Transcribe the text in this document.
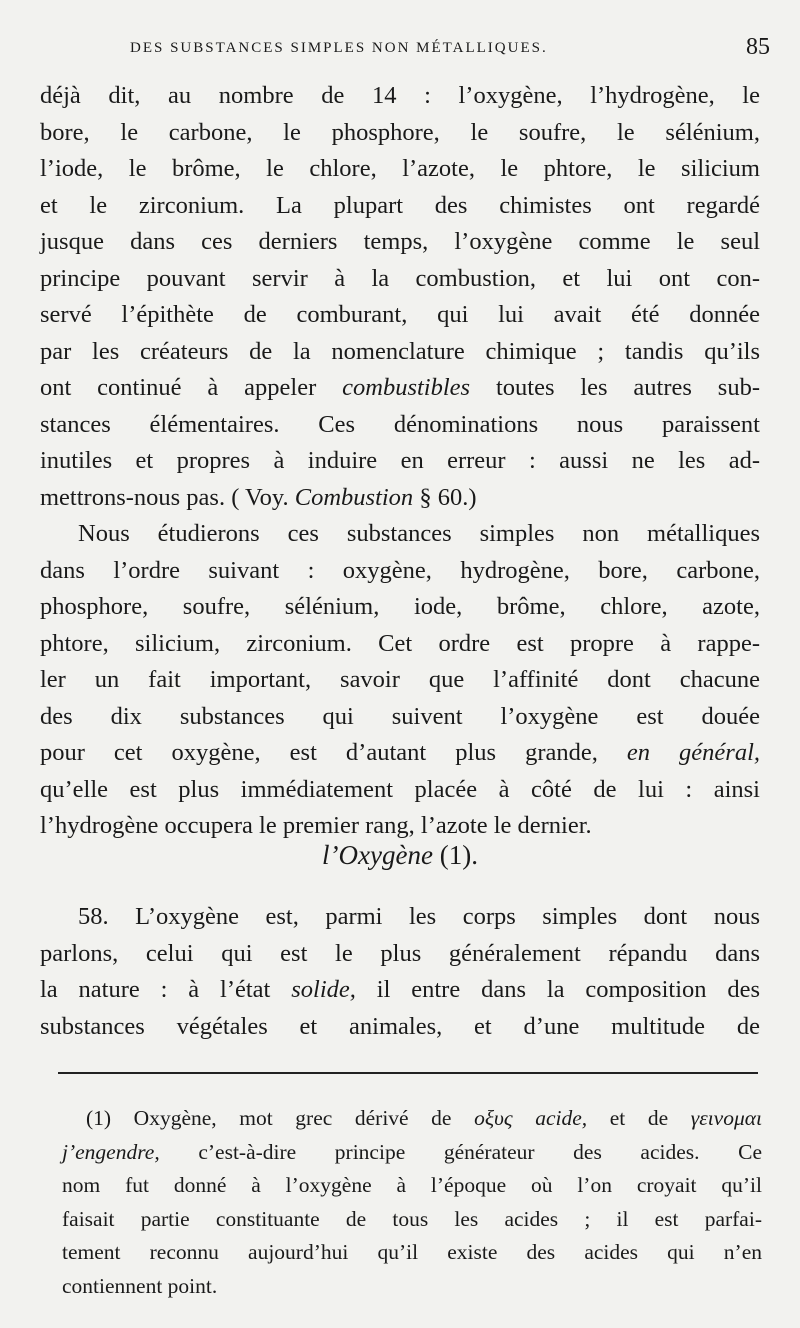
DES SUBSTANCES SIMPLES NON MÉTALLIQUES.	85
déjà dit, au nombre de 14 : l’oxygène, l’hydrogène, le
bore, le carbone, le phosphore, le soufre, le sélénium,
l’iode, le brôme, le chlore, l’azote, le phtore, le silicium
et le zirconium. La plupart des chimistes ont regardé
jusque dans ces derniers temps, l’oxygène comme le seul
principe pouvant servir à la combustion, et lui ont con-
servé l’épithète de comburant, qui lui avait été donnée
par les créateurs de la nomenclature chimique ; tandis qu’ils
ont continué à appeler combustibles toutes les autres sub-
stances élémentaires. Ces dénominations nous paraissent
inutiles et propres à induire en erreur : aussi ne les ad-
mettrons-nous pas. ( Voy. Combustion § 60.)
Nous étudierons ces substances simples non métalliques
dans l’ordre suivant : oxygène, hydrogène, bore, carbone,
phosphore, soufre, sélénium, iode, brôme, chlore, azote,
phtore, silicium, zirconium. Cet ordre est propre à rappe-
ler un fait important, savoir que l’affinité dont chacune
des dix substances qui suivent l’oxygène est douée
pour cet oxygène, est d’autant plus grande, en général,
qu’elle est plus immédiatement placée à côté de lui : ainsi
l’hydrogène occupera le premier rang, l’azote le dernier.
l’Oxygène (1).
58. L’oxygène est, parmi les corps simples dont nous
parlons, celui qui est le plus généralement répandu dans
la nature : à l’état solide, il entre dans la composition des
substances végétales et animales, et d’une multitude de
(1) Oxygène, mot grec dérivé de οξυς acide, et de γεινομαι
j’engendre, c’est-à-dire principe générateur des acides. Ce
nom fut donné à l’oxygène à l’époque où l’on croyait qu’il
faisait partie constituante de tous les acides ; il est parfai-
tement reconnu aujourd’hui qu’il existe des acides qui n’en
contiennent point.
